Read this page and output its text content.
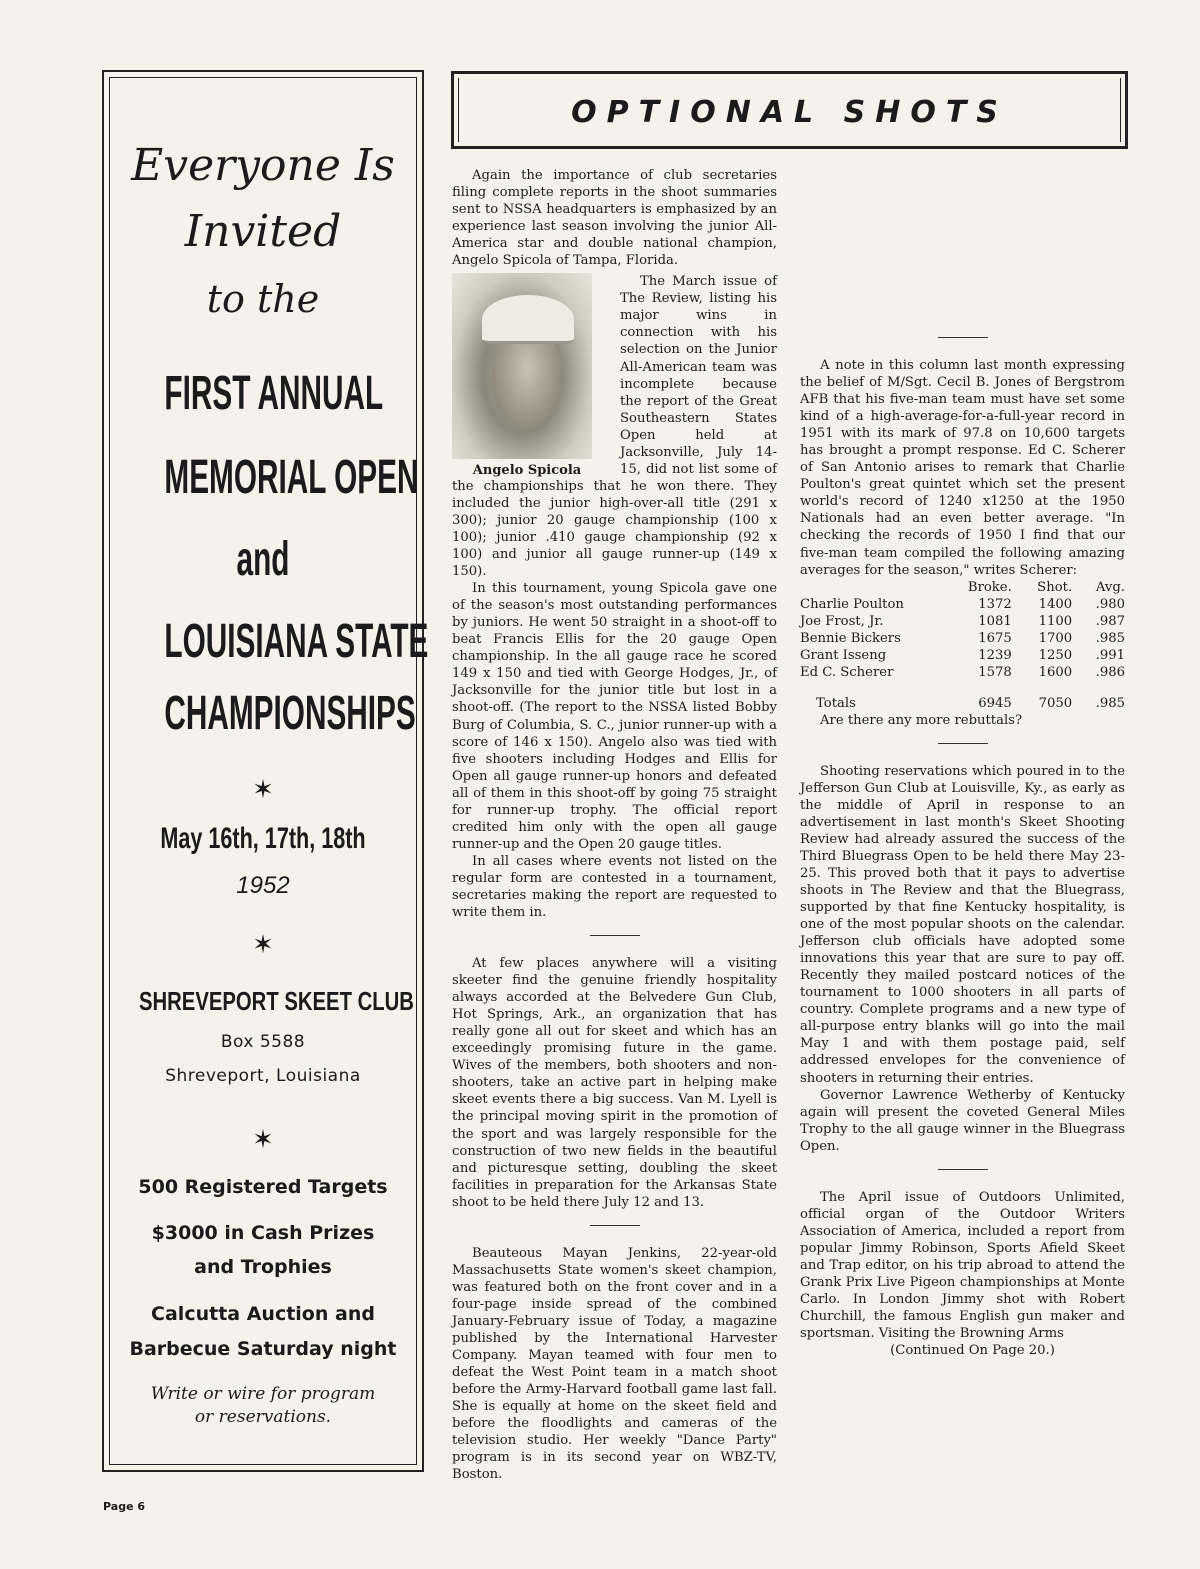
Everyone Is
Invited
to the
FIRST ANNUAL
MEMORIAL OPEN
and
LOUISIANA STATE
CHAMPIONSHIPS
✶
May 16th, 17th, 18th
1952
✶
SHREVEPORT SKEET CLUB
Box 5588
Shreveport, Louisiana
✶
500 Registered Targets
$3000 in Cash Prizes
and Trophies
Calcutta Auction and
Barbecue Saturday night
Write or wire for program
or reservations.
OPTIONAL SHOTS

Again the importance of club secretaries filing complete reports in the shoot summaries sent to NSSA headquarters is emphasized by an experience last season involving the junior All-America star and double national champion, Angelo Spicola of Tampa, Florida.

Angelo Spicola

The March issue of The Review, listing his major wins in connection with his selection on the Junior All-American team was incomplete because the report of the Great Southeastern States Open held at Jacksonville, July 14-15, did not list some of the championships that he won there. They included the junior high-over-all title (291 x 300); junior 20 gauge championship (100 x 100); junior .410 gauge championship (92 x 100) and junior all gauge runner-up (149 x 150).

In this tournament, young Spicola gave one of the season's most outstanding performances by juniors. He went 50 straight in a shoot-off to beat Francis Ellis for the 20 gauge Open championship. In the all gauge race he scored 149 x 150 and tied with George Hodges, Jr., of Jacksonville for the junior title but lost in a shoot-off. (The report to the NSSA listed Bobby Burg of Columbia, S. C., junior runner-up with a score of 146 x 150). Angelo also was tied with five shooters including Hodges and Ellis for Open all gauge runner-up honors and defeated all of them in this shoot-off by going 75 straight for runner-up trophy. The official report credited him only with the open all gauge runner-up and the Open 20 gauge titles.

In all cases where events not listed on the regular form are contested in a tournament, secretaries making the report are requested to write them in.

At few places anywhere will a visiting skeeter find the genuine friendly hospitality always accorded at the Belvedere Gun Club, Hot Springs, Ark., an organization that has really gone all out for skeet and which has an exceedingly promising future in the game. Wives of the members, both shooters and non-shooters, take an active part in helping make skeet events there a big success. Van M. Lyell is the principal moving spirit in the promotion of the sport and was largely responsible for the construction of two new fields in the beautiful and picturesque setting, doubling the skeet facilities in preparation for the Arkansas State shoot to be held there July 12 and 13.

Beauteous Mayan Jenkins, 22-year-old Massachusetts State women's skeet champion, was featured both on the front cover and in a four-page inside spread of the combined January-February issue of Today, a magazine published by the International Harvester Company. Mayan teamed with four men to defeat the West Point team in a match shoot before the Army-Harvard football game last fall. She is equally at home on the skeet field and before the floodlights and cameras of the television studio. Her weekly "Dance Party" program is in its second year on WBZ-TV, Boston.

A note in this column last month expressing the belief of M/Sgt. Cecil B. Jones of Bergstrom AFB that his five-man team must have set some kind of a high-average-for-a-full-year record in 1951 with its mark of 97.8 on 10,600 targets has brought a prompt response. Ed C. Scherer of San Antonio arises to remark that Charlie Poulton's great quintet which set the present world's record of 1240 x1250 at the 1950 Nationals had an even better average. "In checking the records of 1950 I find that our five-man team compiled the following amazing averages for the season," writes Scherer:

	Broke.	Shot.	Avg.
Charlie Poulton	1372	1400	.980
Joe Frost, Jr.	1081	1100	.987
Bennie Bickers	1675	1700	.985
Grant Isseng	1239	1250	.991
Ed C. Scherer	1578	1600	.986

Totals	6945	7050	.985

Are there any more rebuttals?

Shooting reservations which poured in to the Jefferson Gun Club at Louisville, Ky., as early as the middle of April in response to an advertisement in last month's Skeet Shooting Review had already assured the success of the Third Bluegrass Open to be held there May 23-25. This proved both that it pays to advertise shoots in The Review and that the Bluegrass, supported by that fine Kentucky hospitality, is one of the most popular shoots on the calendar. Jefferson club officials have adopted some innovations this year that are sure to pay off. Recently they mailed postcard notices of the tournament to 1000 shooters in all parts of country. Complete programs and a new type of all-purpose entry blanks will go into the mail May 1 and with them postage paid, self addressed envelopes for the convenience of shooters in returning their entries.

Governor Lawrence Wetherby of Kentucky again will present the coveted General Miles Trophy to the all gauge winner in the Bluegrass Open.

The April issue of Outdoors Unlimited, official organ of the Outdoor Writers Association of America, included a report from popular Jimmy Robinson, Sports Afield Skeet and Trap editor, on his trip abroad to attend the Grank Prix Live Pigeon championships at Monte Carlo. In London Jimmy shot with Robert Churchill, the famous English gun maker and sportsman. Visiting the Browning Arms

(Continued On Page 20.)

Page 6
